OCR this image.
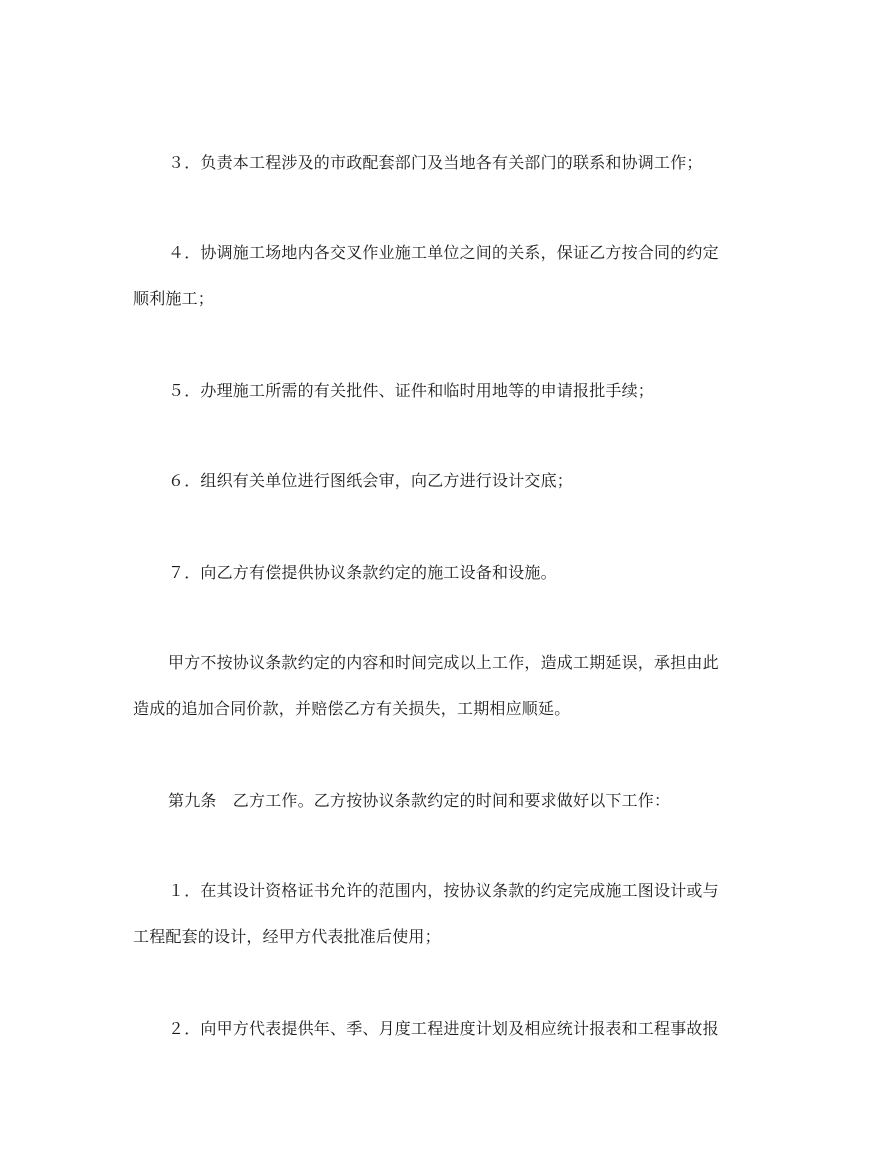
３．负责本工程涉及的市政配套部门及当地各有关部门的联系和协调工作；
４．协调施工场地内各交叉作业施工单位之间的关系，保证乙方按合同的约定
顺利施工；
５．办理施工所需的有关批件、证件和临时用地等的申请报批手续；
６．组织有关单位进行图纸会审，向乙方进行设计交底；
７．向乙方有偿提供协议条款约定的施工设备和设施。
甲方不按协议条款约定的内容和时间完成以上工作，造成工期延误，承担由此
造成的追加合同价款，并赔偿乙方有关损失，工期相应顺延。
第九条　乙方工作。乙方按协议条款约定的时间和要求做好以下工作：
１．在其设计资格证书允许的范围内，按协议条款的约定完成施工图设计或与
工程配套的设计，经甲方代表批准后使用；
２．向甲方代表提供年、季、月度工程进度计划及相应统计报表和工程事故报
